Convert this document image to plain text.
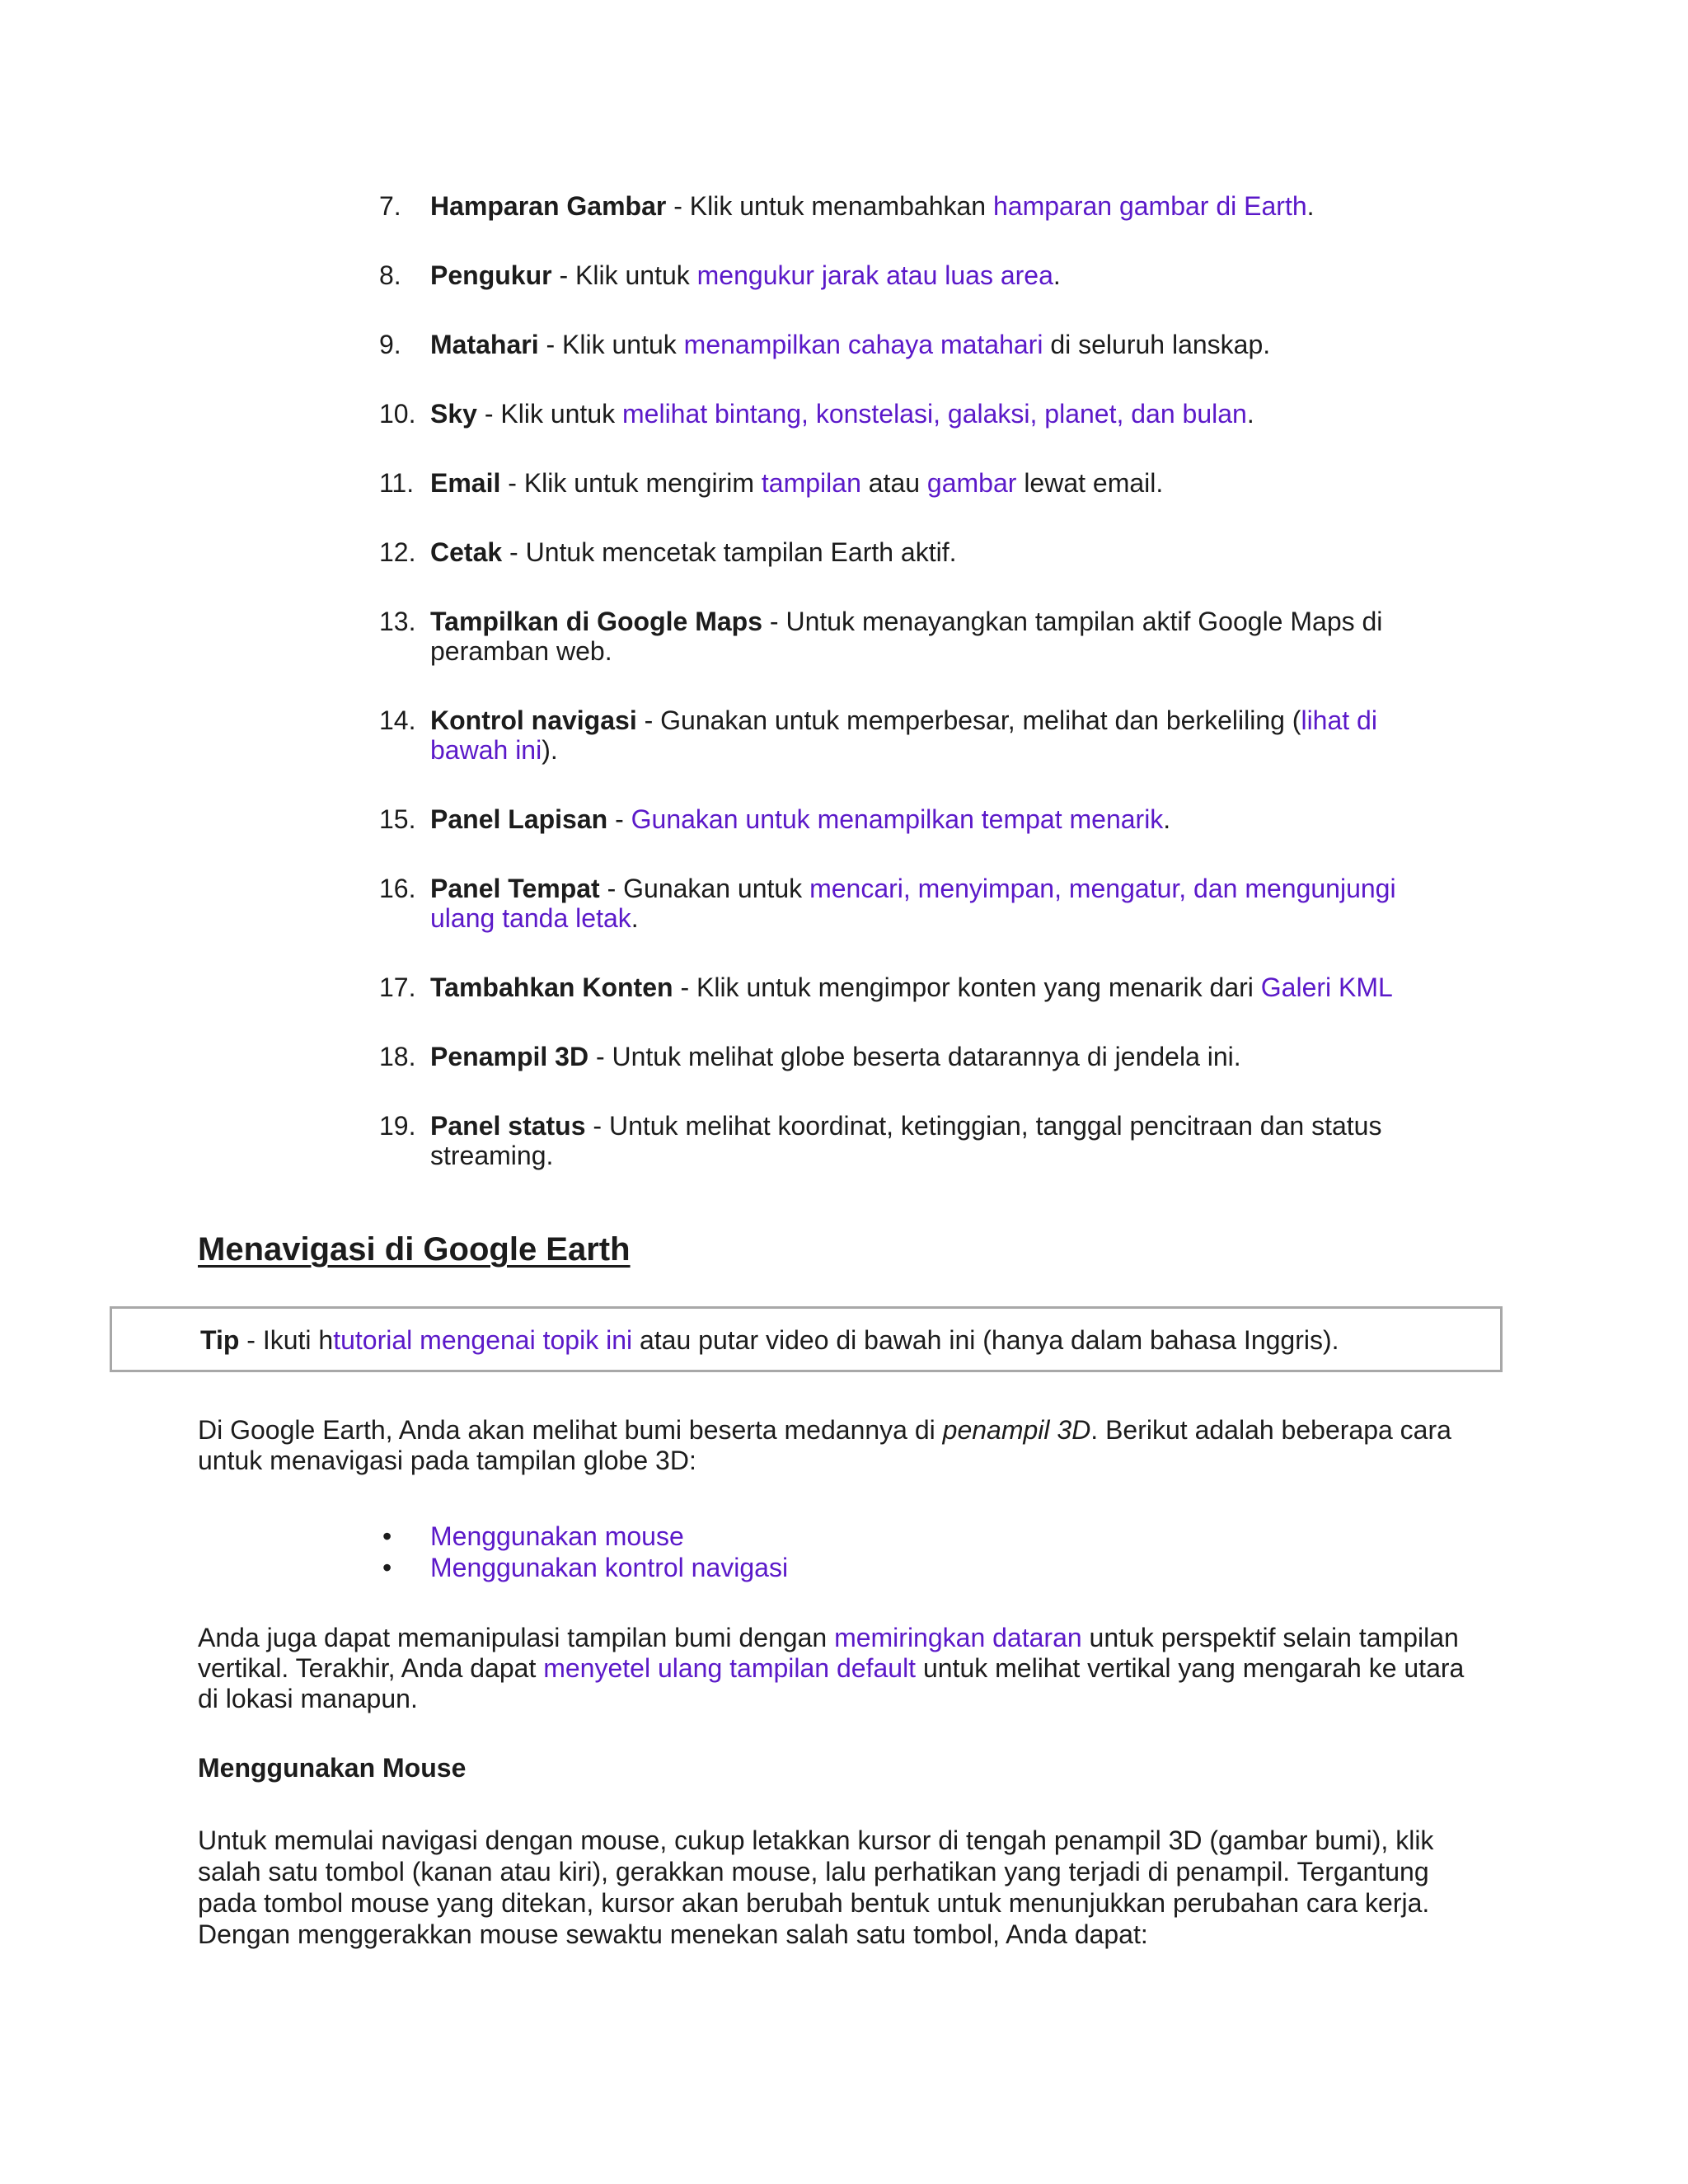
7. Hamparan Gambar - Klik untuk menambahkan hamparan gambar di Earth.
8. Pengukur - Klik untuk mengukur jarak atau luas area.
9. Matahari - Klik untuk menampilkan cahaya matahari di seluruh lanskap.
10. Sky - Klik untuk melihat bintang, konstelasi, galaksi, planet, dan bulan.
11. Email - Klik untuk mengirim tampilan atau gambar lewat email.
12. Cetak - Untuk mencetak tampilan Earth aktif.
13. Tampilkan di Google Maps - Untuk menayangkan tampilan aktif Google Maps di peramban web.
14. Kontrol navigasi - Gunakan untuk memperbesar, melihat dan berkeliling (lihat di bawah ini).
15. Panel Lapisan - Gunakan untuk menampilkan tempat menarik.
16. Panel Tempat - Gunakan untuk mencari, menyimpan, mengatur, dan mengunjungi ulang tanda letak.
17. Tambahkan Konten - Klik untuk mengimpor konten yang menarik dari Galeri KML
18. Penampil 3D - Untuk melihat globe beserta datarannya di jendela ini.
19. Panel status - Untuk melihat koordinat, ketinggian, tanggal pencitraan dan status streaming.
Menavigasi di Google Earth
Tip - Ikuti htutorial mengenai topik ini atau putar video di bawah ini (hanya dalam bahasa Inggris).

Di Google Earth, Anda akan melihat bumi beserta medannya di penampil 3D. Berikut adalah beberapa cara untuk menavigasi pada tampilan globe 3D:

• Menggunakan mouse
• Menggunakan kontrol navigasi

Anda juga dapat memanipulasi tampilan bumi dengan memiringkan dataran untuk perspektif selain tampilan vertikal. Terakhir, Anda dapat menyetel ulang tampilan default untuk melihat vertikal yang mengarah ke utara di lokasi manapun.

Menggunakan Mouse

Untuk memulai navigasi dengan mouse, cukup letakkan kursor di tengah penampil 3D (gambar bumi), klik salah satu tombol (kanan atau kiri), gerakkan mouse, lalu perhatikan yang terjadi di penampil. Tergantung pada tombol mouse yang ditekan, kursor akan berubah bentuk untuk menunjukkan perubahan cara kerja. Dengan menggerakkan mouse sewaktu menekan salah satu tombol, Anda dapat:
